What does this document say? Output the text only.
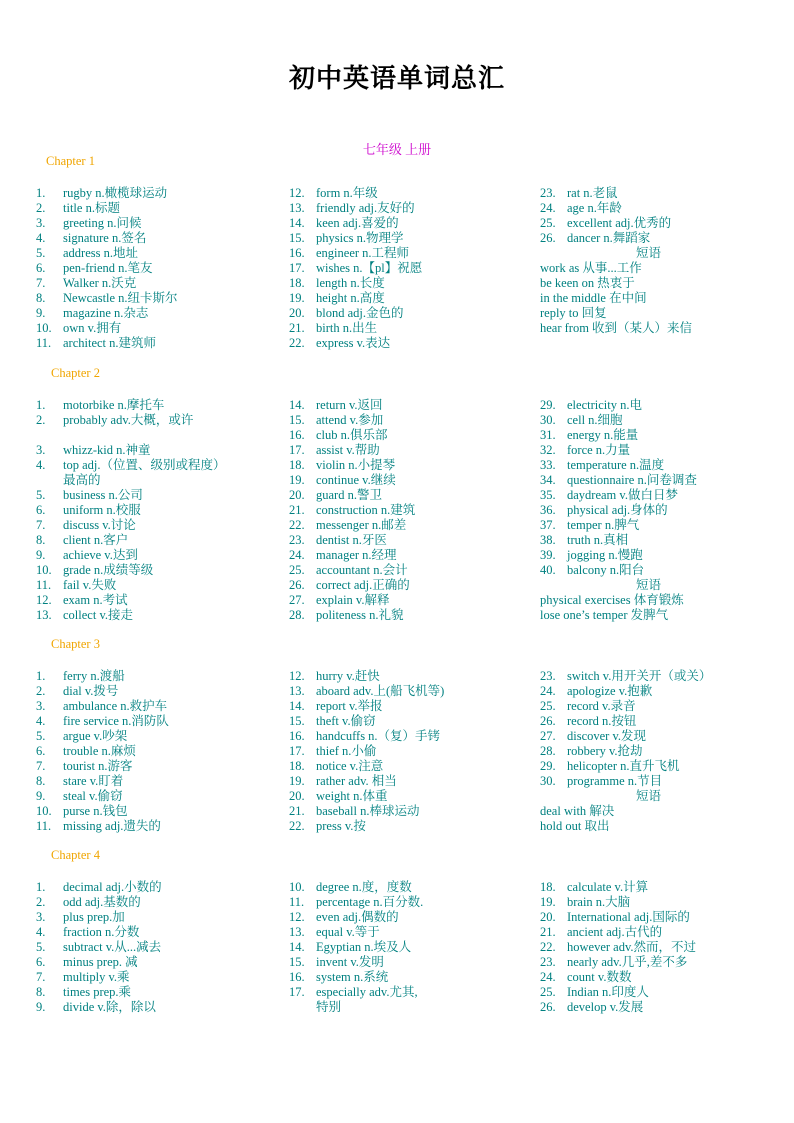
初中英语单词总汇
七年级 上册
Chapter 1
1. rugby n.橄榄球运动
2. title n.标题
3. greeting n.问候
4. signature n.签名
5. address n.地址
6. pen-friend n.笔友
7. Walker n.沃克
8. Newcastle n.纽卡斯尔
9. magazine n.杂志
10. own v.拥有
11. architect n.建筑师
12. form n.年级
13. friendly adj.友好的
14. keen adj.喜爱的
15. physics n.物理学
16. engineer n.工程师
17. wishes n.【pl】祝愿
18. length n.长度
19. height n.高度
20. blond adj.金色的
21. birth n.出生
22. express v.表达
23. rat n.老鼠
24. age n.年龄
25. excellent adj.优秀的
26. dancer n.舞蹈家
短语
work as 从事...工作
be keen on 热衷于
in the middle 在中间
reply to 回复
hear from 收到（某人）来信
Chapter 2
1. motorbike n.摩托车
2. probably adv.大概，或许
3. whizz-kid n.神童
4. top adj.（位置、级别或程度）
最高的
5. business n.公司
6. uniform n.校服
7. discuss v.讨论
8. client n.客户
9. achieve v.达到
10. grade n.成绩等级
11. fail v.失败
12. exam n.考试
13. collect v.接走
14. return v.返回
15. attend v.参加
16. club n.俱乐部
17. assist v.帮助
18. violin n.小提琴
19. continue v.继续
20. guard n.警卫
21. construction n.建筑
22. messenger n.邮差
23. dentist n.牙医
24. manager n.经理
25. accountant n.会计
26. correct adj.正确的
27. explain v.解释
28. politeness n.礼貌
29. electricity n.电
30. cell n.细胞
31. energy n.能量
32. force n.力量
33. temperature n.温度
34. questionnaire n.问卷调查
35. daydream v.做白日梦
36. physical adj.身体的
37. temper n.脾气
38. truth n.真相
39. jogging n.慢跑
40. balcony n.阳台
短语
physical exercises 体育锻炼
lose one’s temper 发脾气
Chapter 3
1. ferry n.渡船
2. dial v.拨号
3. ambulance n.救护车
4. fire service n.消防队
5. argue v.吵架
6. trouble n.麻烦
7. tourist n.游客
8. stare v.盯着
9. steal v.偷窃
10. purse n.钱包
11. missing adj.遗失的
12. hurry v.赶快
13. aboard adv.上(船飞机等)
14. report v.举报
15. theft v.偷窃
16. handcuffs n.（复）手铐
17. thief n.小偷
18. notice v.注意
19. rather adv. 相当
20. weight n.体重
21. baseball n.棒球运动
22. press v.按
23. switch v.用开关开（或关）
24. apologize v.抱歉
25. record v.录音
26. record n.按钮
27. discover v.发现
28. robbery v.抢劫
29. helicopter n.直升飞机
30. programme n.节目
短语
deal with 解决
hold out 取出
Chapter 4
1. decimal adj.小数的
2. odd adj.基数的
3. plus prep.加
4. fraction n.分数
5. subtract v.从...减去
6. minus prep. 减
7. multiply v.乘
8. times prep.乘
9. divide v.除，除以
10. degree n.度，度数
11. percentage n.百分数.
12. even adj.偶数的
13. equal v.等于
14. Egyptian n.埃及人
15. invent v.发明
16. system n.系统
17. especially adv.尤其,
特别
18. calculate v.计算
19. brain n.大脑
20. International adj.国际的
21. ancient adj.古代的
22. however adv.然而，不过
23. nearly adv.几乎,差不多
24. count v.数数
25. Indian n.印度人
26. develop v.发展
